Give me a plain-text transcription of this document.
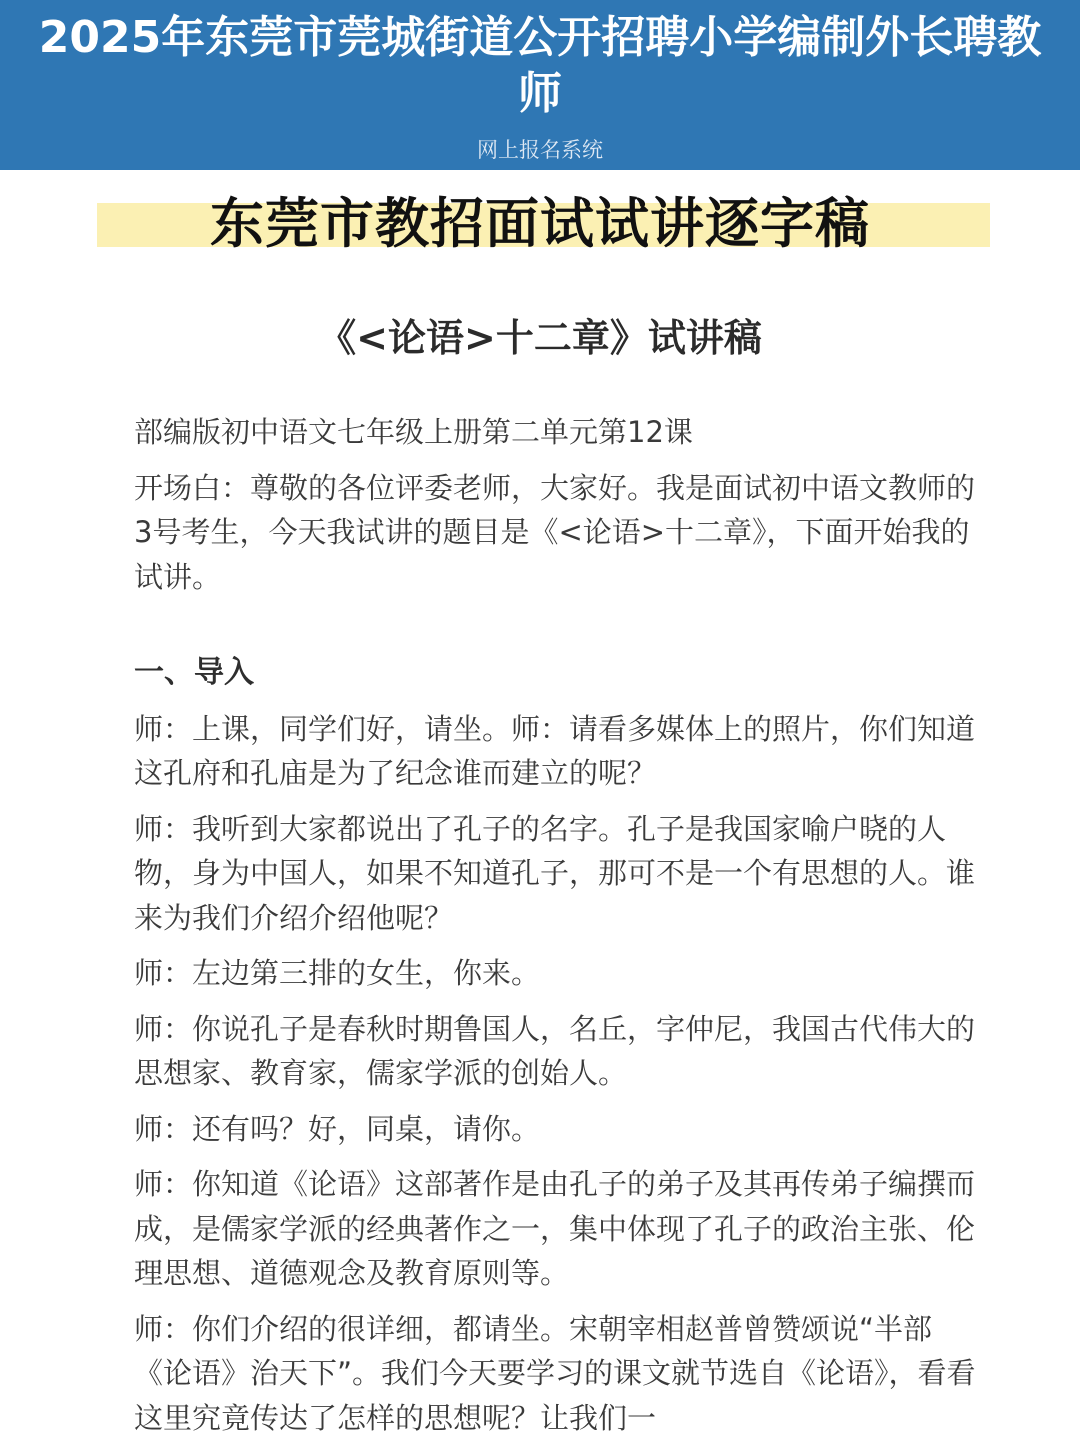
2025年东莞市莞城街道公开招聘小学编制外长聘教师
网上报名系统
东莞市教招面试试讲逐字稿
《<论语>十二章》试讲稿

部编版初中语文七年级上册第二单元第12课

开场白：尊敬的各位评委老师，大家好。我是面试初中语文教师的3号考生，今天我试讲的题目是《<论语>十二章》，下面开始我的试讲。

一、导入

师：上课，同学们好，请坐。师：请看多媒体上的照片，你们知道这孔府和孔庙是为了纪念谁而建立的呢？

师：我听到大家都说出了孔子的名字。孔子是我国家喻户晓的人物，身为中国人，如果不知道孔子，那可不是一个有思想的人。谁来为我们介绍介绍他呢？

师：左边第三排的女生，你来。

师：你说孔子是春秋时期鲁国人，名丘，字仲尼，我国古代伟大的思想家、教育家，儒家学派的创始人。

师：还有吗？好，同桌，请你。

师：你知道《论语》这部著作是由孔子的弟子及其再传弟子编撰而成，是儒家学派的经典著作之一，集中体现了孔子的政治主张、伦理思想、道德观念及教育原则等。

师：你们介绍的很详细，都请坐。宋朝宰相赵普曾赞颂说“半部《论语》治天下”。我们今天要学习的课文就节选自《论语》，看看这里究竟传达了怎样的思想呢？让我们一
